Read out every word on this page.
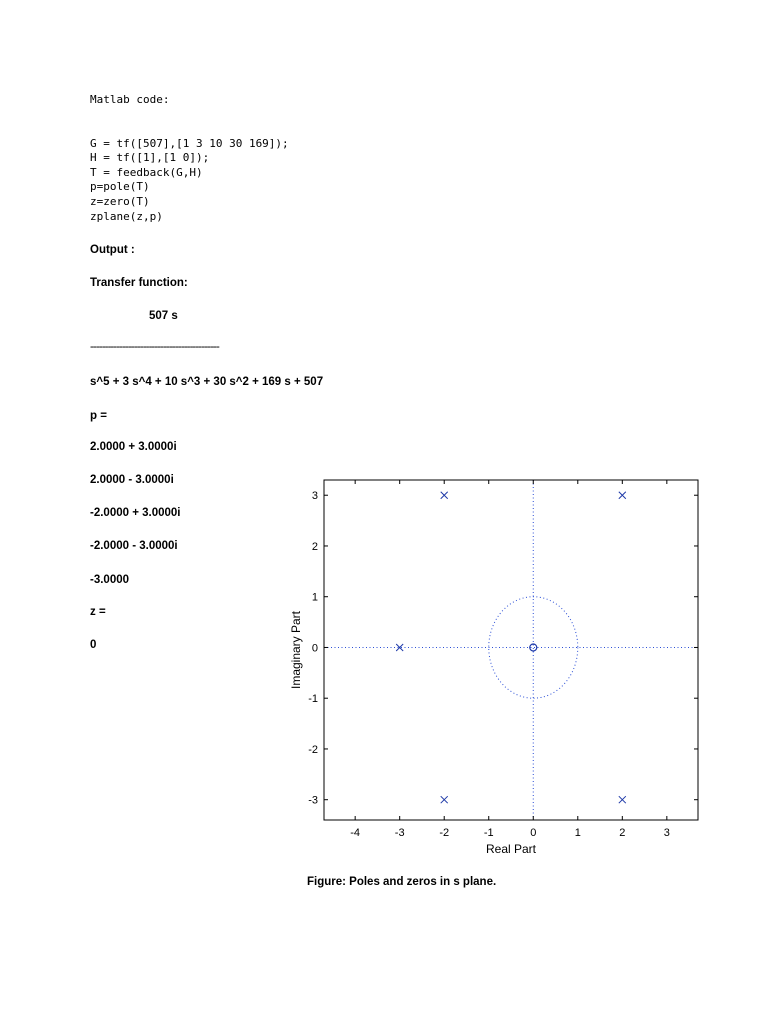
Matlab code:

G = tf([507],[1 3 10 30 169]);
H = tf([1],[1 0]);
T = feedback(G,H)
p=pole(T)
z=zero(T)
zplane(z,p)
Output :
Transfer function:
507 s
--------------------------------------------
s^5 + 3 s^4 + 10 s^3 + 30 s^2 + 169 s + 507
p =
2.0000 + 3.0000i
2.0000 - 3.0000i
-2.0000 + 3.0000i
-2.0000 - 3.0000i
-3.0000
z =
0
-4	-3	-2	-1	0	1	2	3
-3
-2
-1
0
1
2
3
Real Part
Imaginary Part
Figure: Poles and zeros in s plane.
